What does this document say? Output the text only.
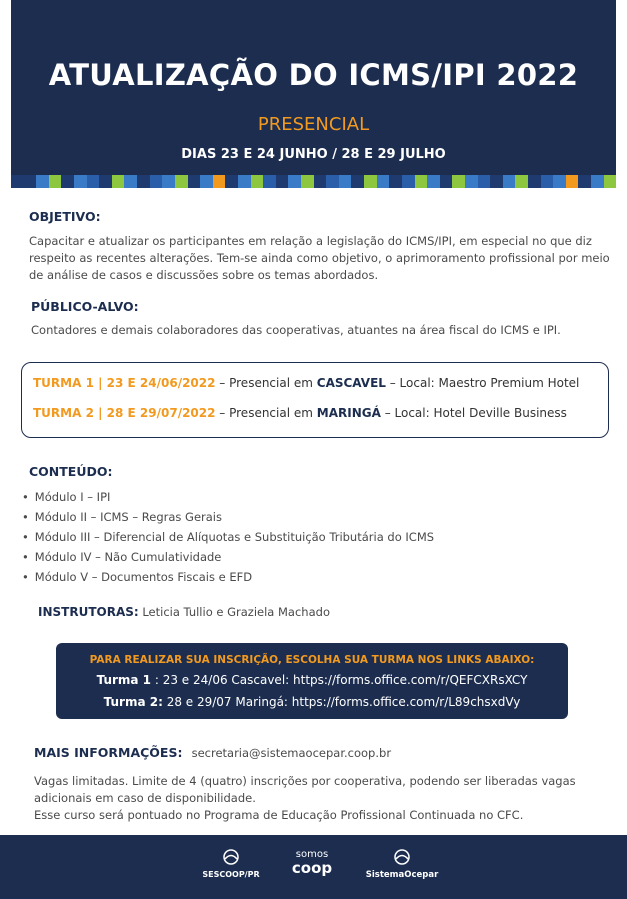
ATUALIZAÇÃO DO ICMS/IPI 2022
PRESENCIAL
DIAS 23 E 24 JUNHO / 28 E 29 JULHO
OBJETIVO:
Capacitar e atualizar os participantes em relação a legislação do ICMS/IPI, em especial no que diz
respeito as recentes alterações. Tem-se ainda como objetivo, o aprimoramento profissional por meio
de análise de casos e discussões sobre os temas abordados.
PÚBLICO-ALVO:
Contadores e demais colaboradores das cooperativas, atuantes na área fiscal do ICMS e IPI.
TURMA 1 | 23 E 24/06/2022 – Presencial em CASCAVEL – Local: Maestro Premium Hotel
TURMA 2 | 28 E 29/07/2022 – Presencial em MARINGÁ – Local: Hotel Deville Business
CONTEÚDO:
• Módulo I – IPI
• Módulo II – ICMS – Regras Gerais
• Módulo III – Diferencial de Alíquotas e Substituição Tributária do ICMS
• Módulo IV – Não Cumulatividade
• Módulo V – Documentos Fiscais e EFD
INSTRUTORAS: Leticia Tullio e Graziela Machado
PARA REALIZAR SUA INSCRIÇÃO, ESCOLHA SUA TURMA NOS LINKS ABAIXO:
Turma 1 : 23 e 24/06 Cascavel: https://forms.office.com/r/QEFCXRsXCY
Turma 2: 28 e 29/07 Maringá: https://forms.office.com/r/L89chsxdVy
MAIS INFORMAÇÕES: secretaria@sistemaocepar.coop.br
Vagas limitadas. Limite de 4 (quatro) inscrições por cooperativa, podendo ser liberadas vagas
adicionais em caso de disponibilidade.
Esse curso será pontuado no Programa de Educação Profissional Continuada no CFC.
SESCOOP/PR
somos
coop	SistemaOcepar
